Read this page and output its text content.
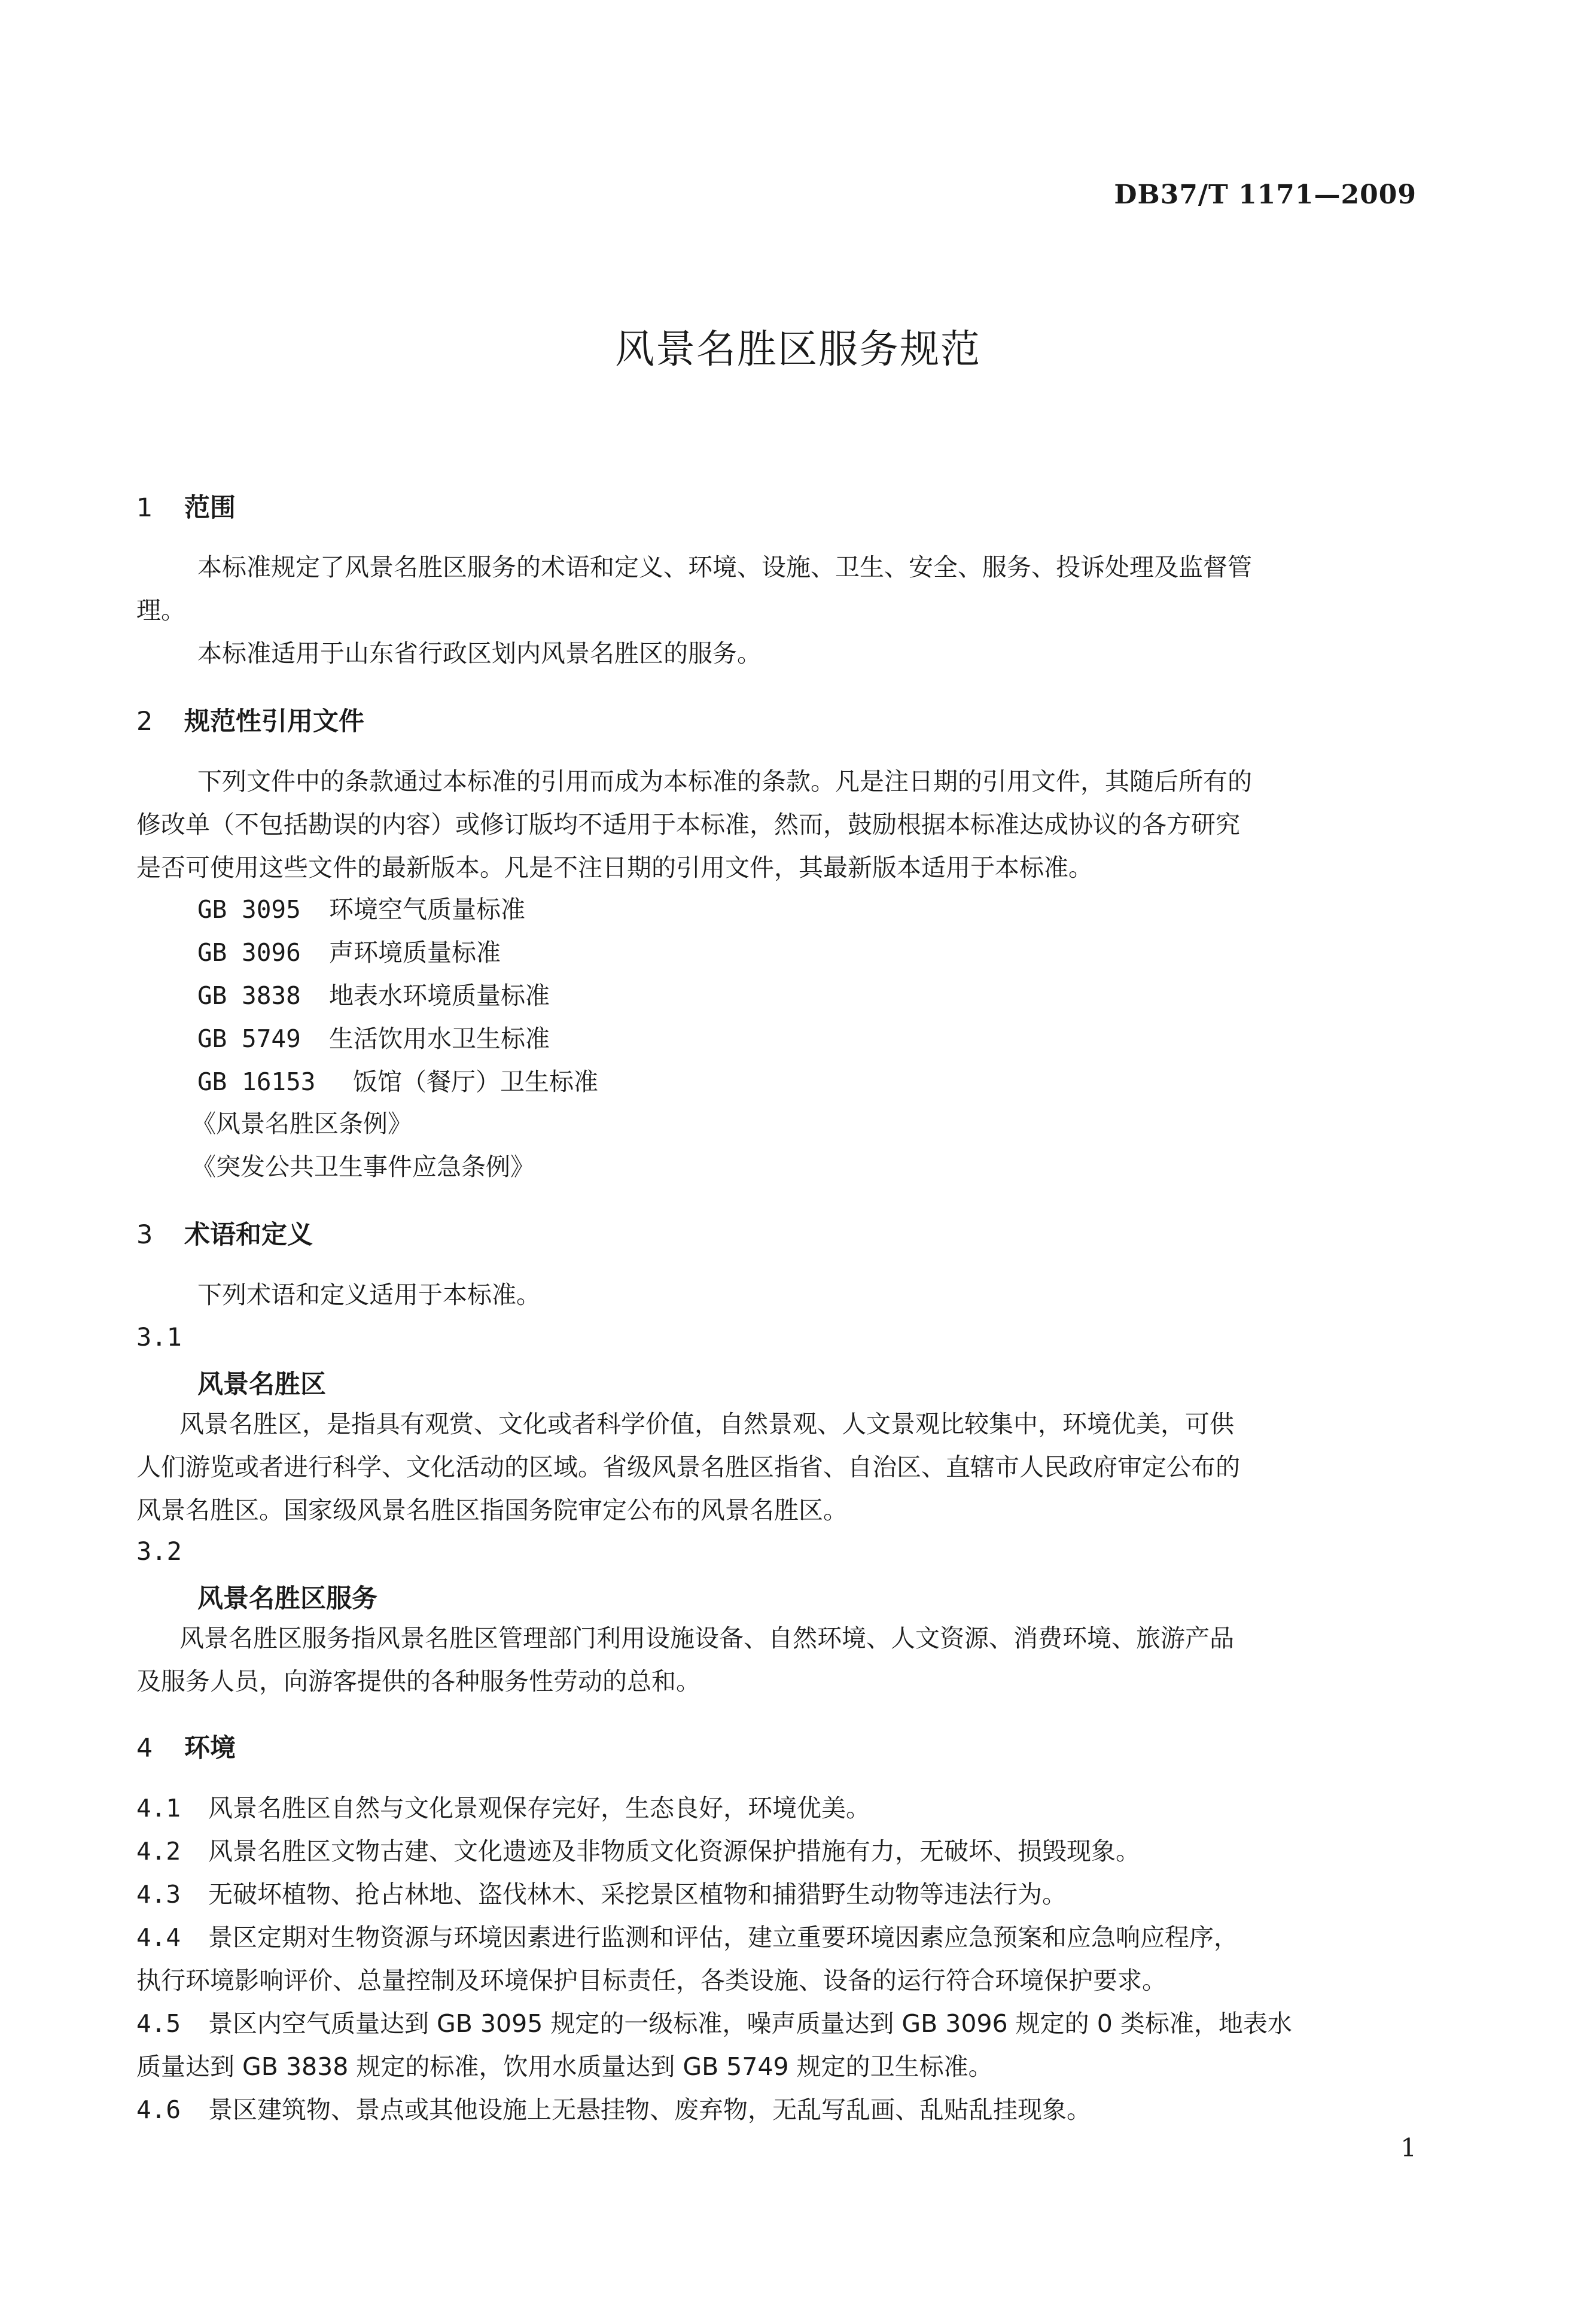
DB37/T 1171—2009
风景名胜区服务规范
1 范围
本标准规定了风景名胜区服务的术语和定义、环境、设施、卫生、安全、服务、投诉处理及监督管
理。
本标准适用于山东省行政区划内风景名胜区的服务。
2 规范性引用文件
下列文件中的条款通过本标准的引用而成为本标准的条款。凡是注日期的引用文件，其随后所有的
修改单（不包括勘误的内容）或修订版均不适用于本标准，然而，鼓励根据本标准达成协议的各方研究
是否可使用这些文件的最新版本。凡是不注日期的引用文件，其最新版本适用于本标准。
GB 3095 环境空气质量标准
GB 3096 声环境质量标准
GB 3838 地表水环境质量标准
GB 5749 生活饮用水卫生标准
GB 16153 饭馆（餐厅）卫生标准
《风景名胜区条例》
《突发公共卫生事件应急条例》
3 术语和定义
下列术语和定义适用于本标准。
3.1
风景名胜区
风景名胜区，是指具有观赏、文化或者科学价值，自然景观、人文景观比较集中，环境优美，可供
人们游览或者进行科学、文化活动的区域。省级风景名胜区指省、自治区、直辖市人民政府审定公布的
风景名胜区。国家级风景名胜区指国务院审定公布的风景名胜区。
3.2
风景名胜区服务
风景名胜区服务指风景名胜区管理部门利用设施设备、自然环境、人文资源、消费环境、旅游产品
及服务人员，向游客提供的各种服务性劳动的总和。
4 环境
4.1 风景名胜区自然与文化景观保存完好，生态良好，环境优美。
4.2 风景名胜区文物古建、文化遗迹及非物质文化资源保护措施有力，无破坏、损毁现象。
4.3 无破坏植物、抢占林地、盗伐林木、采挖景区植物和捕猎野生动物等违法行为。
4.4 景区定期对生物资源与环境因素进行监测和评估，建立重要环境因素应急预案和应急响应程序，
执行环境影响评价、总量控制及环境保护目标责任，各类设施、设备的运行符合环境保护要求。
4.5 景区内空气质量达到 GB 3095 规定的一级标准，噪声质量达到 GB 3096 规定的 0 类标准，地表水
质量达到 GB 3838 规定的标准，饮用水质量达到 GB 5749 规定的卫生标准。
4.6 景区建筑物、景点或其他设施上无悬挂物、废弃物，无乱写乱画、乱贴乱挂现象。
1
